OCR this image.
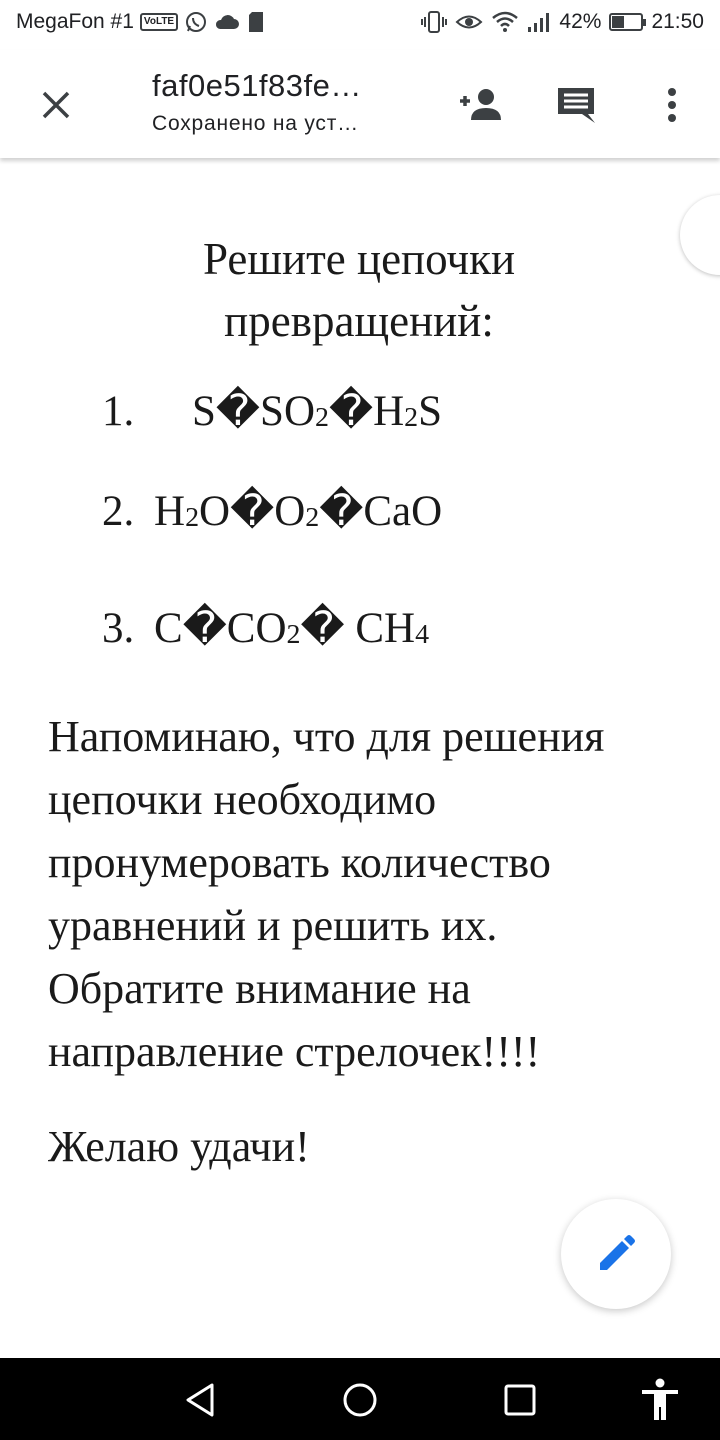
MegaFon #1	VoLTE	42% 21:50
faf0e51f83fe…
Сохранено на уст…
Решите цепочки
превращений:
1. $S�SO_2�H_2S$
2. $H_2O�O_2�CaO$
3. $C�CO_2�$ $CH_4$
Напоминаю, что для решения
цепочки необходимо
пронумеровать количество
уравнений и решить их.
Обратите внимание на
направление стрелочек!!!!
Желаю удачи!
